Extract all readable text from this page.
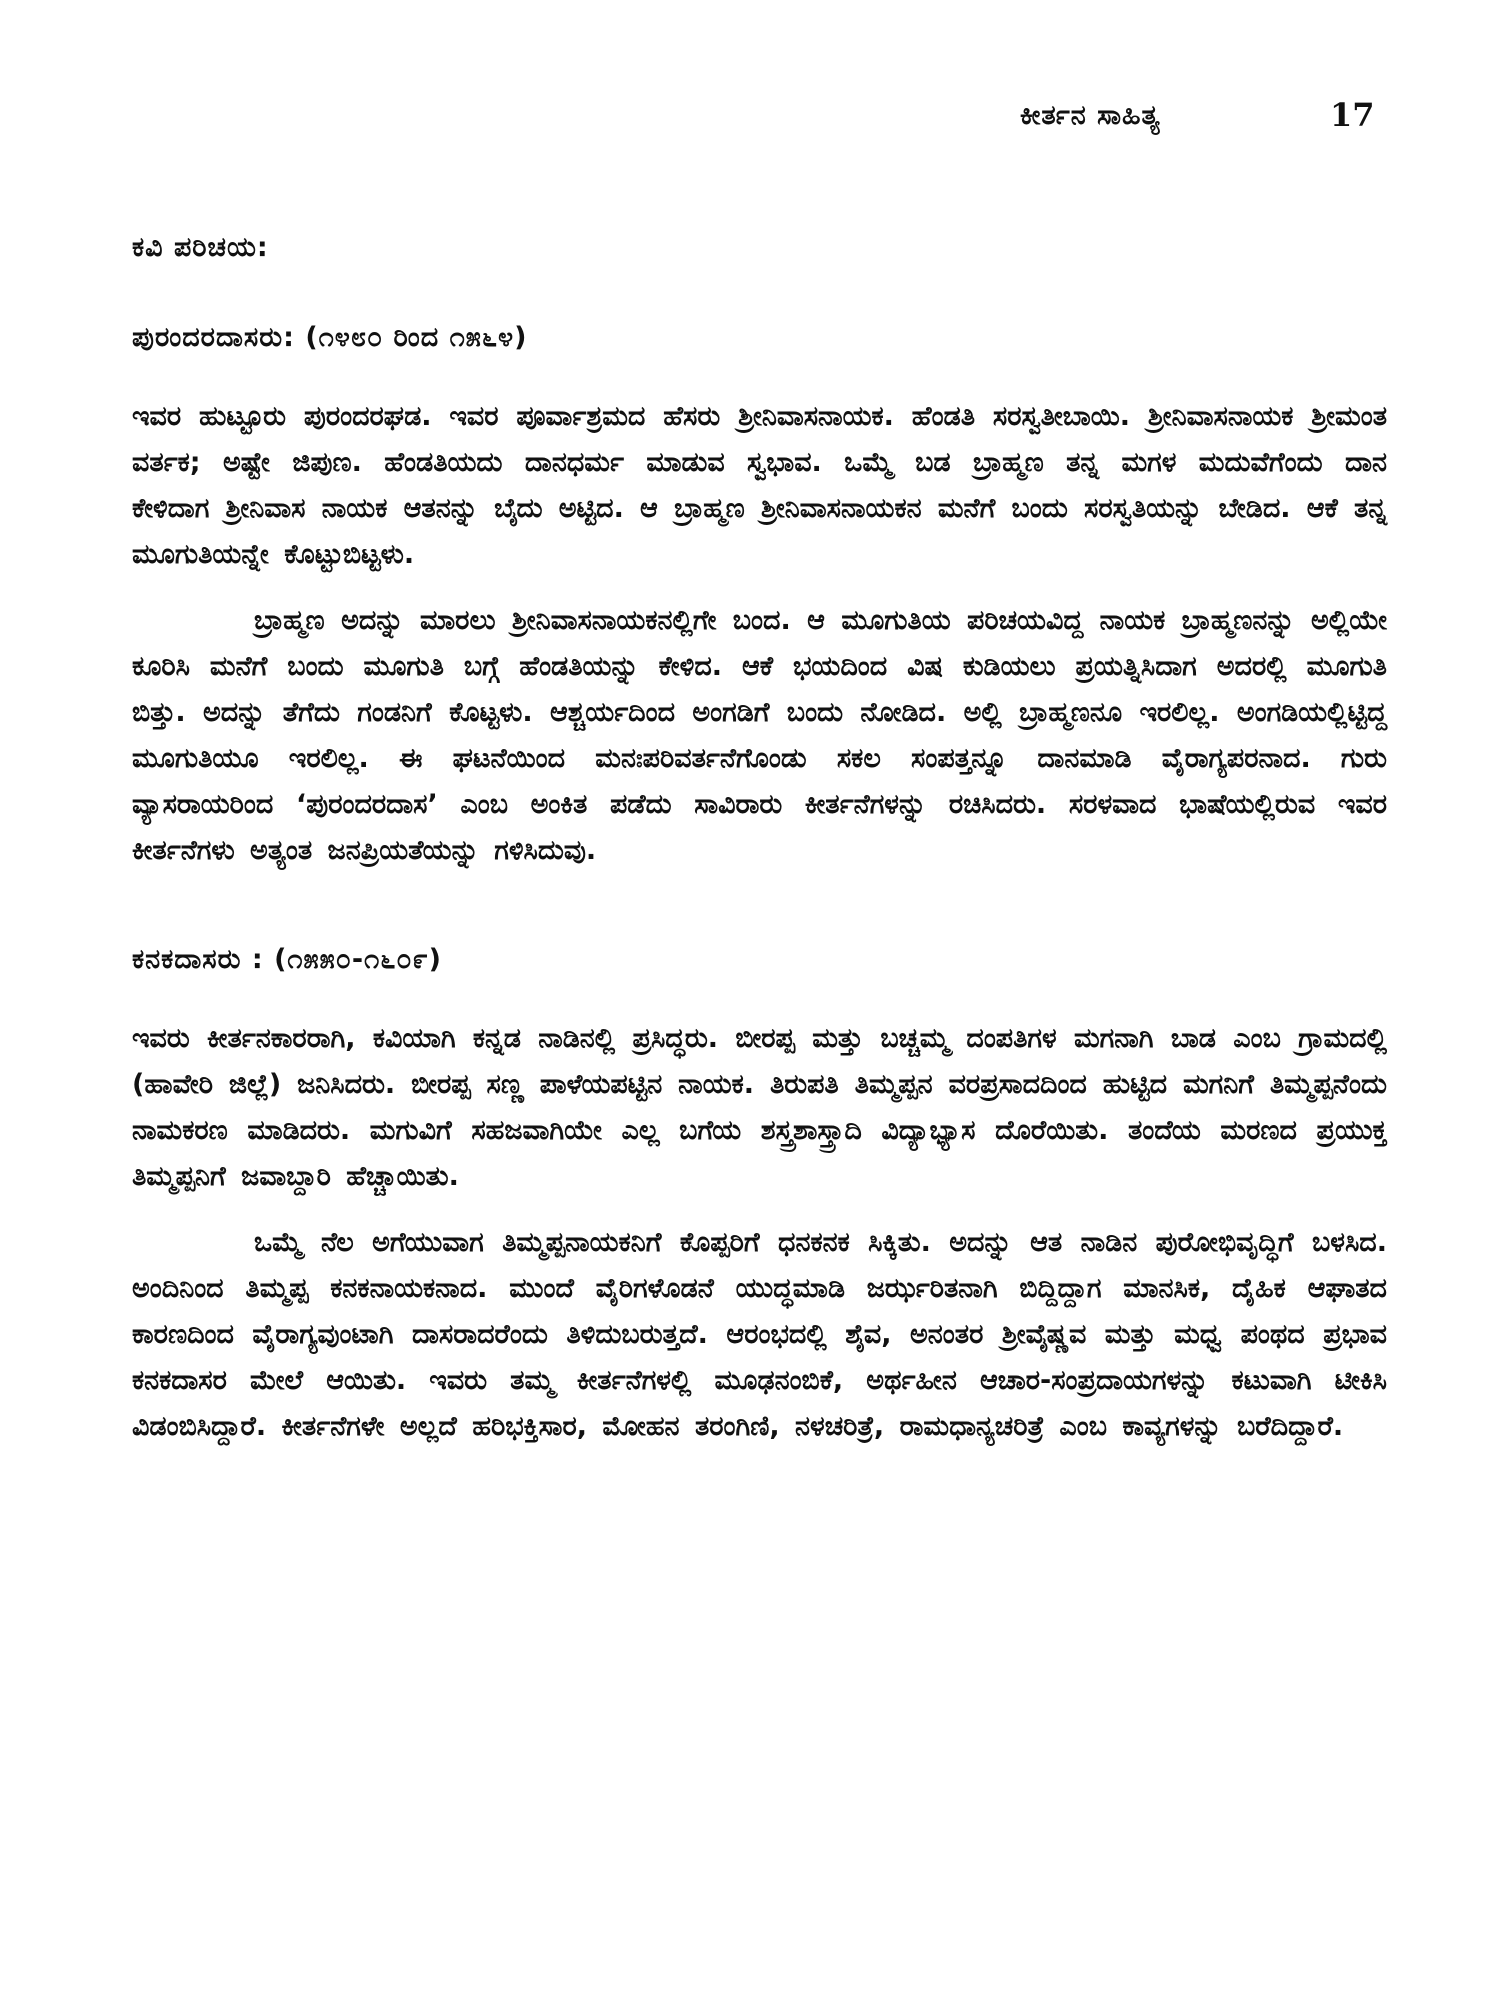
ಕೀರ್ತನ ಸಾಹಿತ್ಯ	17
ಕವಿ ಪರಿಚಯ:
ಪುರಂದರದಾಸರು: (೧೪೮೦ ರಿಂದ ೧೫೬೪)

ಇವರ ಹುಟ್ಟೂರು ಪುರಂದರಘಡ. ಇವರ ಪೂರ್ವಾಶ್ರಮದ ಹೆಸರು ಶ್ರೀನಿವಾಸನಾಯಕ. ಹೆಂಡತಿ ಸರಸ್ವತೀಬಾಯಿ. ಶ್ರೀನಿವಾಸನಾಯಕ ಶ್ರೀಮಂತ ವರ್ತಕ; ಅಷ್ಟೇ ಜಿಪುಣ. ಹೆಂಡತಿಯದು ದಾನಧರ್ಮ ಮಾಡುವ ಸ್ವಭಾವ. ಒಮ್ಮೆ ಬಡ ಬ್ರಾಹ್ಮಣ ತನ್ನ ಮಗಳ ಮದುವೆಗೆಂದು ದಾನ ಕೇಳಿದಾಗ ಶ್ರೀನಿವಾಸ ನಾಯಕ ಆತನನ್ನು ಬೈದು ಅಟ್ಟಿದ. ಆ ಬ್ರಾಹ್ಮಣ ಶ್ರೀನಿವಾಸನಾಯಕನ ಮನೆಗೆ ಬಂದು ಸರಸ್ವತಿಯನ್ನು ಬೇಡಿದ. ಆಕೆ ತನ್ನ ಮೂಗುತಿಯನ್ನೇ ಕೊಟ್ಟುಬಿಟ್ಟಳು.

ಬ್ರಾಹ್ಮಣ ಅದನ್ನು ಮಾರಲು ಶ್ರೀನಿವಾಸನಾಯಕನಲ್ಲಿಗೇ ಬಂದ. ಆ ಮೂಗುತಿಯ ಪರಿಚಯವಿದ್ದ ನಾಯಕ ಬ್ರಾಹ್ಮಣನನ್ನು ಅಲ್ಲಿಯೇ ಕೂರಿಸಿ ಮನೆಗೆ ಬಂದು ಮೂಗುತಿ ಬಗ್ಗೆ ಹೆಂಡತಿಯನ್ನು ಕೇಳಿದ. ಆಕೆ ಭಯದಿಂದ ವಿಷ ಕುಡಿಯಲು ಪ್ರಯತ್ನಿಸಿದಾಗ ಅದರಲ್ಲಿ ಮೂಗುತಿ ಬಿತ್ತು. ಅದನ್ನು ತೆಗೆದು ಗಂಡನಿಗೆ ಕೊಟ್ಟಳು. ಆಶ್ಚರ್ಯದಿಂದ ಅಂಗಡಿಗೆ ಬಂದು ನೋಡಿದ. ಅಲ್ಲಿ ಬ್ರಾಹ್ಮಣನೂ ಇರಲಿಲ್ಲ. ಅಂಗಡಿಯಲ್ಲಿಟ್ಟಿದ್ದ ಮೂಗುತಿಯೂ ಇರಲಿಲ್ಲ. ಈ ಘಟನೆಯಿಂದ ಮನಃಪರಿವರ್ತನೆಗೊಂಡು ಸಕಲ ಸಂಪತ್ತನ್ನೂ ದಾನಮಾಡಿ ವೈರಾಗ್ಯಪರನಾದ. ಗುರು ವ್ಯಾಸರಾಯರಿಂದ ‘ಪುರಂದರದಾಸ’ ಎಂಬ ಅಂಕಿತ ಪಡೆದು ಸಾವಿರಾರು ಕೀರ್ತನೆಗಳನ್ನು ರಚಿಸಿದರು. ಸರಳವಾದ ಭಾಷೆಯಲ್ಲಿರುವ ಇವರ ಕೀರ್ತನೆಗಳು ಅತ್ಯಂತ ಜನಪ್ರಿಯತೆಯನ್ನು ಗಳಿಸಿದುವು.

ಕನಕದಾಸರು : (೧೫೫೦-೧೬೦೯)

ಇವರು ಕೀರ್ತನಕಾರರಾಗಿ, ಕವಿಯಾಗಿ ಕನ್ನಡ ನಾಡಿನಲ್ಲಿ ಪ್ರಸಿದ್ಧರು. ಬೀರಪ್ಪ ಮತ್ತು ಬಚ್ಚಮ್ಮ ದಂಪತಿಗಳ ಮಗನಾಗಿ ಬಾಡ ಎಂಬ ಗ್ರಾಮದಲ್ಲಿ (ಹಾವೇರಿ ಜಿಲ್ಲೆ) ಜನಿಸಿದರು. ಬೀರಪ್ಪ ಸಣ್ಣ ಪಾಳೆಯಪಟ್ಟಿನ ನಾಯಕ. ತಿರುಪತಿ ತಿಮ್ಮಪ್ಪನ ವರಪ್ರಸಾದದಿಂದ ಹುಟ್ಟಿದ ಮಗನಿಗೆ ತಿಮ್ಮಪ್ಪನೆಂದು ನಾಮಕರಣ ಮಾಡಿದರು. ಮಗುವಿಗೆ ಸಹಜವಾಗಿಯೇ ಎಲ್ಲ ಬಗೆಯ ಶಸ್ತ್ರಶಾಸ್ತ್ರಾದಿ ವಿದ್ಯಾಭ್ಯಾಸ ದೊರೆಯಿತು. ತಂದೆಯ ಮರಣದ ಪ್ರಯುಕ್ತ ತಿಮ್ಮಪ್ಪನಿಗೆ ಜವಾಬ್ದಾರಿ ಹೆಚ್ಚಾಯಿತು.

ಒಮ್ಮೆ ನೆಲ ಅಗೆಯುವಾಗ ತಿಮ್ಮಪ್ಪನಾಯಕನಿಗೆ ಕೊಪ್ಪರಿಗೆ ಧನಕನಕ ಸಿಕ್ಕಿತು. ಅದನ್ನು ಆತ ನಾಡಿನ ಪುರೋಭಿವೃದ್ಧಿಗೆ ಬಳಸಿದ. ಅಂದಿನಿಂದ ತಿಮ್ಮಪ್ಪ ಕನಕನಾಯಕನಾದ. ಮುಂದೆ ವೈರಿಗಳೊಡನೆ ಯುದ್ಧಮಾಡಿ ಜರ್ಝರಿತನಾಗಿ ಬಿದ್ದಿದ್ದಾಗ ಮಾನಸಿಕ, ದೈಹಿಕ ಆಘಾತದ ಕಾರಣದಿಂದ ವೈರಾಗ್ಯವುಂಟಾಗಿ ದಾಸರಾದರೆಂದು ತಿಳಿದುಬರುತ್ತದೆ. ಆರಂಭದಲ್ಲಿ ಶೈವ, ಅನಂತರ ಶ್ರೀವೈಷ್ಣವ ಮತ್ತು ಮಧ್ವ ಪಂಥದ ಪ್ರಭಾವ ಕನಕದಾಸರ ಮೇಲೆ ಆಯಿತು. ಇವರು ತಮ್ಮ ಕೀರ್ತನೆಗಳಲ್ಲಿ ಮೂಢನಂಬಿಕೆ, ಅರ್ಥಹೀನ ಆಚಾರ-ಸಂಪ್ರದಾಯಗಳನ್ನು ಕಟುವಾಗಿ ಟೀಕಿಸಿ ವಿಡಂಬಿಸಿದ್ದಾರೆ. ಕೀರ್ತನೆಗಳೇ ಅಲ್ಲದೆ ಹರಿಭಕ್ತಿಸಾರ, ಮೋಹನ ತರಂಗಿಣಿ, ನಳಚರಿತ್ರೆ, ರಾಮಧಾನ್ಯಚರಿತ್ರೆ ಎಂಬ ಕಾವ್ಯಗಳನ್ನು ಬರೆದಿದ್ದಾರೆ.
